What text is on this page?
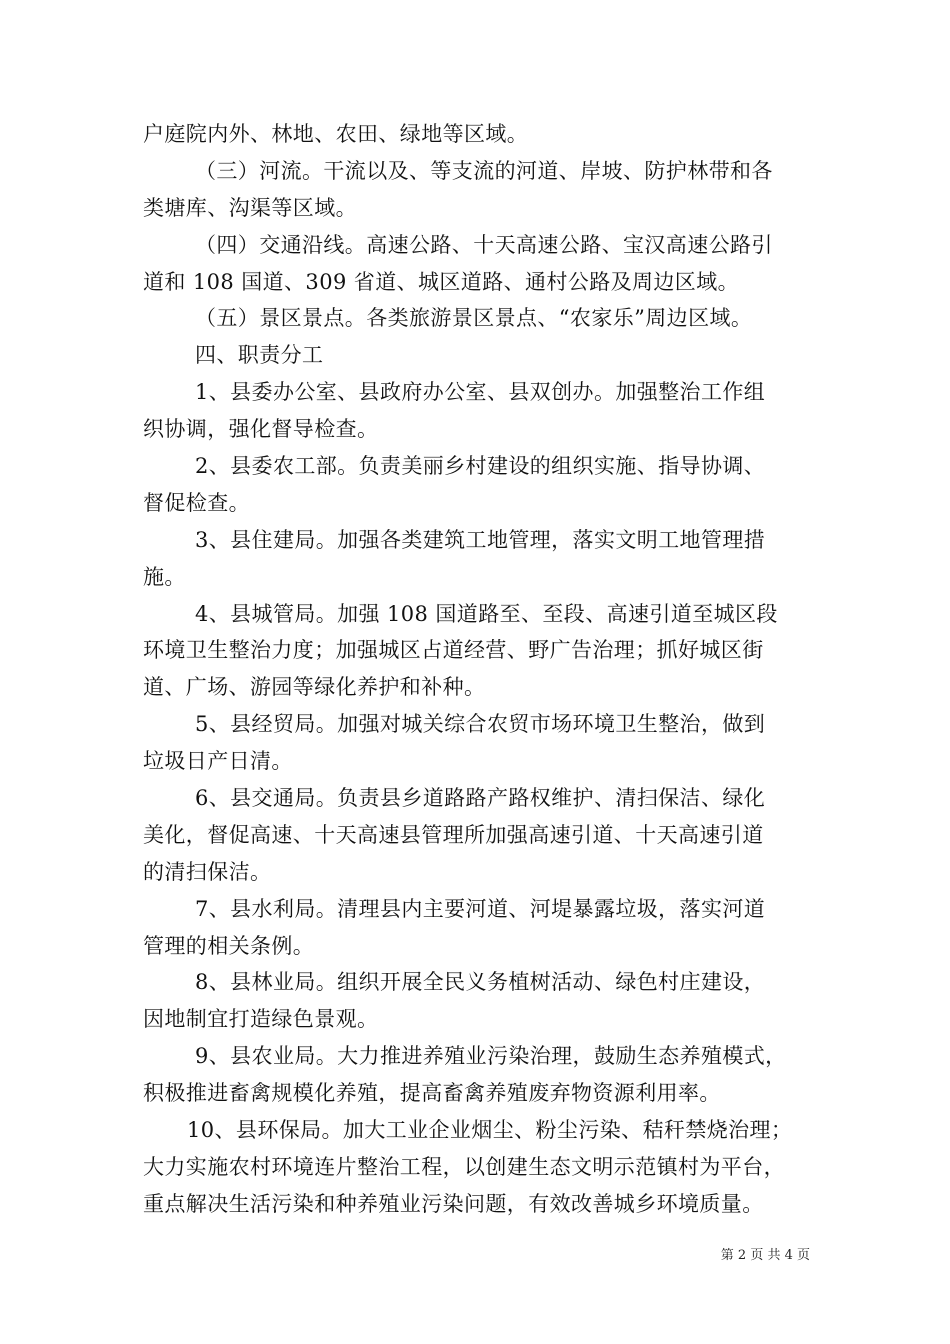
户庭院内外、林地、农田、绿地等区域。
（三）河流。干流以及、等支流的河道、岸坡、防护林带和各
类塘库、沟渠等区域。
（四）交通沿线。高速公路、十天高速公路、宝汉高速公路引
道和 108 国道、309 省道、城区道路、通村公路及周边区域。
（五）景区景点。各类旅游景区景点、“农家乐”周边区域。
四、职责分工
1、县委办公室、县政府办公室、县双创办。加强整治工作组
织协调，强化督导检查。
2、县委农工部。负责美丽乡村建设的组织实施、指导协调、
督促检查。
3、县住建局。加强各类建筑工地管理，落实文明工地管理措
施。
4、县城管局。加强 108 国道路至、至段、高速引道至城区段
环境卫生整治力度；加强城区占道经营、野广告治理；抓好城区街
道、广场、游园等绿化养护和补种。
5、县经贸局。加强对城关综合农贸市场环境卫生整治，做到
垃圾日产日清。
6、县交通局。负责县乡道路路产路权维护、清扫保洁、绿化
美化，督促高速、十天高速县管理所加强高速引道、十天高速引道
的清扫保洁。
7、县水利局。清理县内主要河道、河堤暴露垃圾，落实河道
管理的相关条例。
8、县林业局。组织开展全民义务植树活动、绿色村庄建设，
因地制宜打造绿色景观。
9、县农业局。大力推进养殖业污染治理，鼓励生态养殖模式，
积极推进畜禽规模化养殖，提高畜禽养殖废弃物资源利用率。
10、县环保局。加大工业企业烟尘、粉尘污染、秸秆禁烧治理；
大力实施农村环境连片整治工程，以创建生态文明示范镇村为平台，
重点解决生活污染和种养殖业污染问题，有效改善城乡环境质量。
第 2 页 共 4 页
